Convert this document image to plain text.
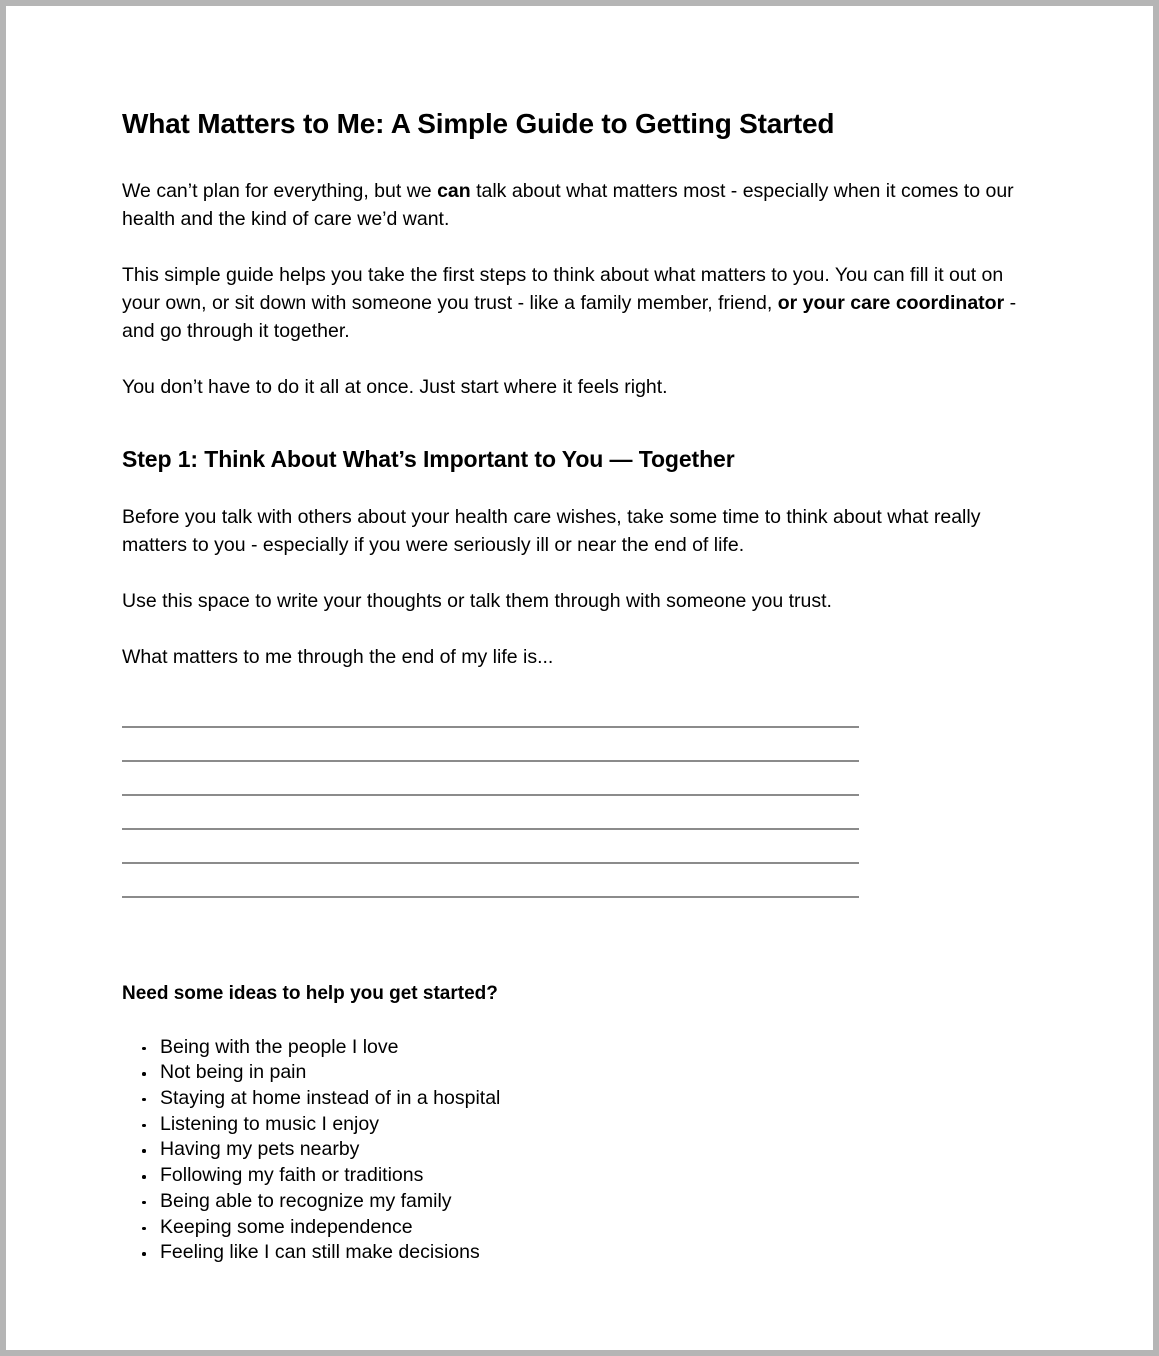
What Matters to Me: A Simple Guide to Getting Started

We can’t plan for everything, but we can talk about what matters most - especially when it comes to our health and the kind of care we’d want.

This simple guide helps you take the first steps to think about what matters to you. You can fill it out on your own, or sit down with someone you trust - like a family member, friend, or your care coordinator - and go through it together.

You don’t have to do it all at once. Just start where it feels right.

Step 1: Think About What’s Important to You — Together

Before you talk with others about your health care wishes, take some time to think about what really matters to you - especially if you were seriously ill or near the end of life.

Use this space to write your thoughts or talk them through with someone you trust.

What matters to me through the end of my life is...

Need some ideas to help you get started?
Being with the people I love
Not being in pain
Staying at home instead of in a hospital
Listening to music I enjoy
Having my pets nearby
Following my faith or traditions
Being able to recognize my family
Keeping some independence
Feeling like I can still make decisions
